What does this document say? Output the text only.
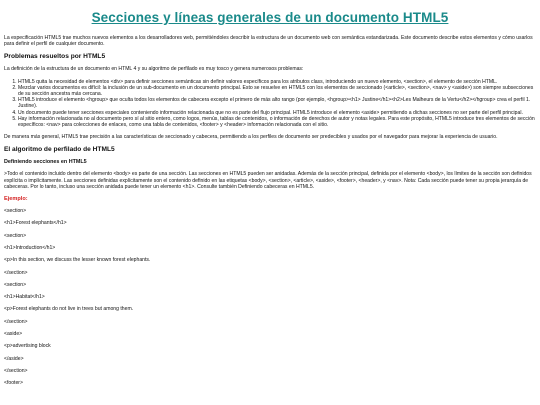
Secciones y líneas generales de un documento HTML5

La especificación HTML5 trae muchos nuevos elementos a los desarrolladores web, permitiéndoles describir la estructura de un documento web con semántica estandarizada. Este documento describe estos elementos y cómo usarlos para definir el perfil de cualquier documento.

Problemas resueltos por HTML5

La definición de la estructura de un documento en HTML 4 y su algoritmo de perfilado es muy tosco y genera numerosos problemas:

1. HTML5 quita la necesidad de elementos <div> para definir secciones semánticas sin definir valores específicos para los atributos class, introduciendo un nuevo elemento, <section>, el elemento de sección HTML.
2. Mezclar varios documentos es difícil: la inclusión de un sub-documento en un documento principal. Esto se resuelve en HTML5 con los elementos de seccionado (<article>, <section>, <nav> y <aside>) son siempre subsecciones de su sección ancestra más cercana.
3. HTML5 introduce el elemento <hgroup> que oculta todos los elementos de cabecera excepto el primero de más alto rango (por ejemplo, <hgroup><h1> Justine</h1><h2>Les Malheurs de la Vertu</h2></hgroup> crea el perfil 1. Justine).
4. Un documento puede tener secciones especiales conteniendo información relacionada que no es parte del flujo principal. HTML5 introduce el elemento <aside> permitiendo a dichas secciones no ser parte del perfil principal.
5. Hay información relacionada no al documento pero sí al sitio entero, como logos, menús, tablas de contenidos, o información de derechos de autor y notas legales. Para este propósito, HTML5 introduce tres elementos de sección específicos: <nav> para colecciones de enlaces, como una tabla de contenidos, <footer> y <header> información relacionada con el sitio.

De manera más general, HTML5 trae precisión a las características de seccionado y cabecera, permitiendo a los perfiles de documento ser predecibles y usados por el navegador para mejorar la experiencia de usuario.

El algoritmo de perfilado de HTML5
Definiendo secciones en HTML5

>Todo el contenido incluido dentro del elemento <body> es parte de una sección. Las secciones en HTML5 pueden ser anidadas. Además de la sección principal, definida por el elemento <body>, los límites de la sección son definidos explícita o implícitamente. Las secciones definidas explícitamente son el contenido definido en las etiquetas <body>, <section>, <article>, <aside>, <footer>, <header>, y <nav>. Nota: Cada sección puede tener su propia jerarquía de cabeceras. Por lo tanto, incluso una sección anidada puede tener un elemento <h1>. Consulte también Definiendo cabeceras en HTML5.

Ejemplo:
<section>
<h1>Forest elephants</h1>
<section>
<h1>Introduction</h1>
<p>In this section, we discuss the lesser known forest elephants.
</section>
<section>
<h1>Habitat</h1>
<p>Forest elephants do not live in trees but among them.
</section>
<aside>
<p>advertising block
</aside>
</section>
<footer>
